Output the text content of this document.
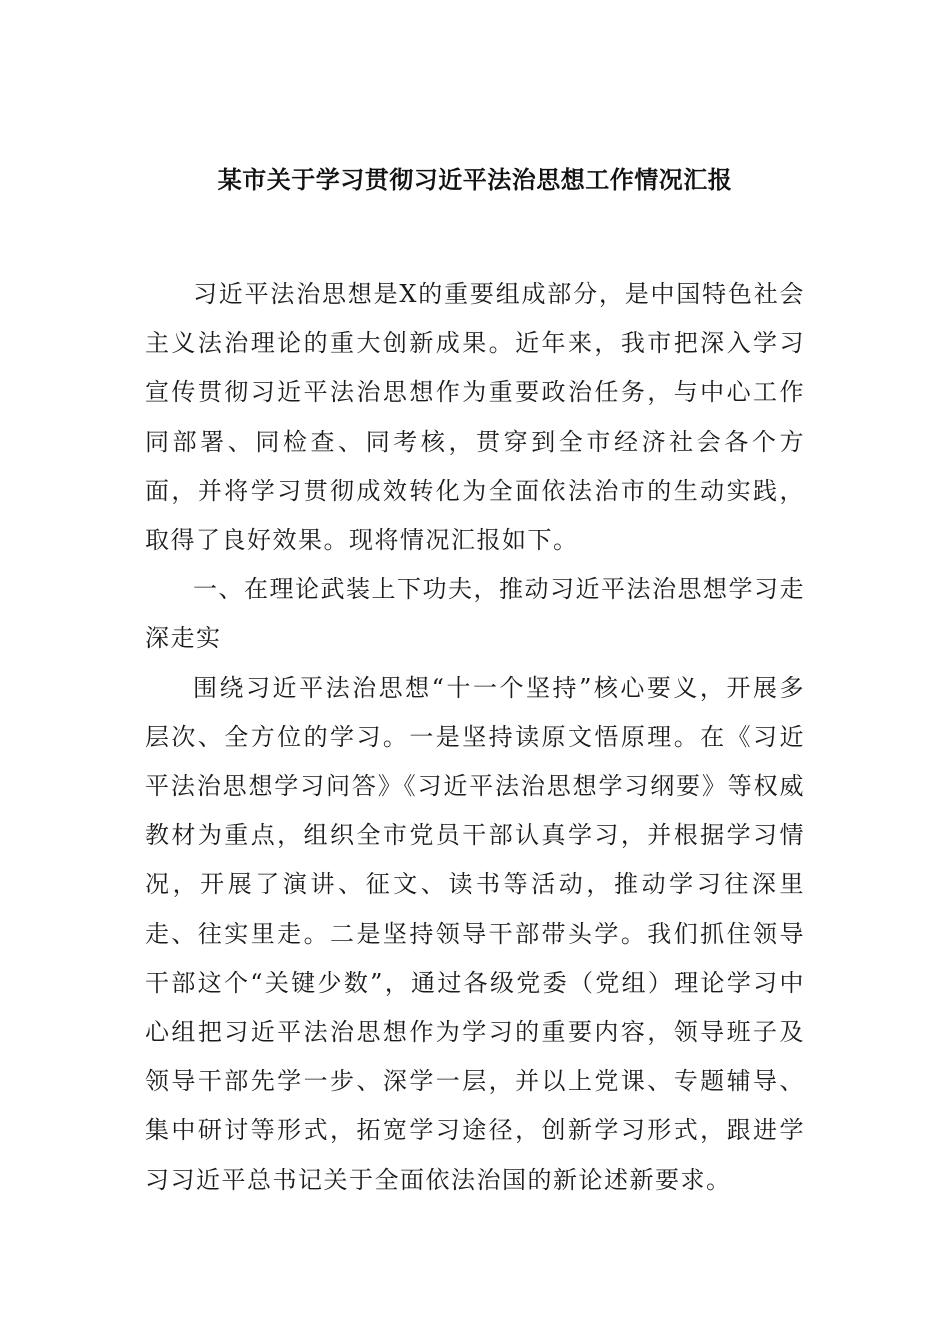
某市关于学习贯彻习近平法治思想工作情况汇报

习近平法治思想是X的重要组成部分，是中国特色社会主义法治理论的重大创新成果。近年来，我市把深入学习宣传贯彻习近平法治思想作为重要政治任务，与中心工作同部署、同检查、同考核，贯穿到全市经济社会各个方面，并将学习贯彻成效转化为全面依法治市的生动实践，取得了良好效果。现将情况汇报如下。

一、在理论武装上下功夫，推动习近平法治思想学习走深走实

围绕习近平法治思想“十一个坚持”核心要义，开展多层次、全方位的学习。一是坚持读原文悟原理。在《习近平法治思想学习问答》《习近平法治思想学习纲要》等权威教材为重点，组织全市党员干部认真学习，并根据学习情况，开展了演讲、征文、读书等活动，推动学习往深里走、往实里走。二是坚持领导干部带头学。我们抓住领导干部这个“关键少数”，通过各级党委（党组）理论学习中心组把习近平法治思想作为学习的重要内容，领导班子及领导干部先学一步、深学一层，并以上党课、专题辅导、集中研讨等形式，拓宽学习途径，创新学习形式，跟进学习习近平总书记关于全面依法治国的新论述新要求。
